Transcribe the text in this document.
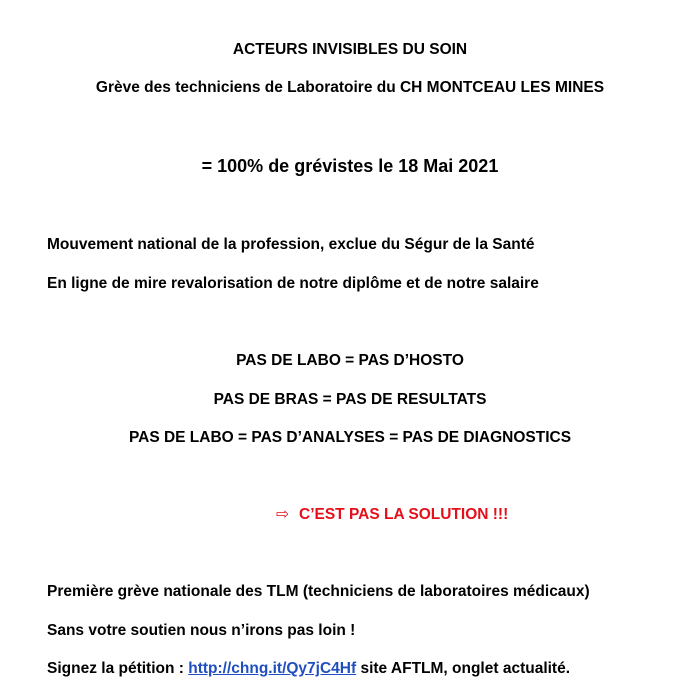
ACTEURS INVISIBLES DU SOIN
Grève des techniciens de Laboratoire du CH MONTCEAU LES MINES
= 100% de grévistes le 18 Mai 2021
Mouvement national de la profession, exclue du Ségur de la Santé
En ligne de mire revalorisation de notre diplôme et de notre salaire
PAS DE LABO = PAS D’HOSTO
PAS DE BRAS = PAS DE RESULTATS
PAS DE LABO = PAS D’ANALYSES = PAS DE DIAGNOSTICS
⇨ C’EST PAS LA SOLUTION !!!
Première grève nationale des TLM (techniciens de laboratoires médicaux)
Sans votre soutien nous n’irons pas loin !
Signez la pétition : http://chng.it/Qy7jC4Hf site AFTLM, onglet actualité.
